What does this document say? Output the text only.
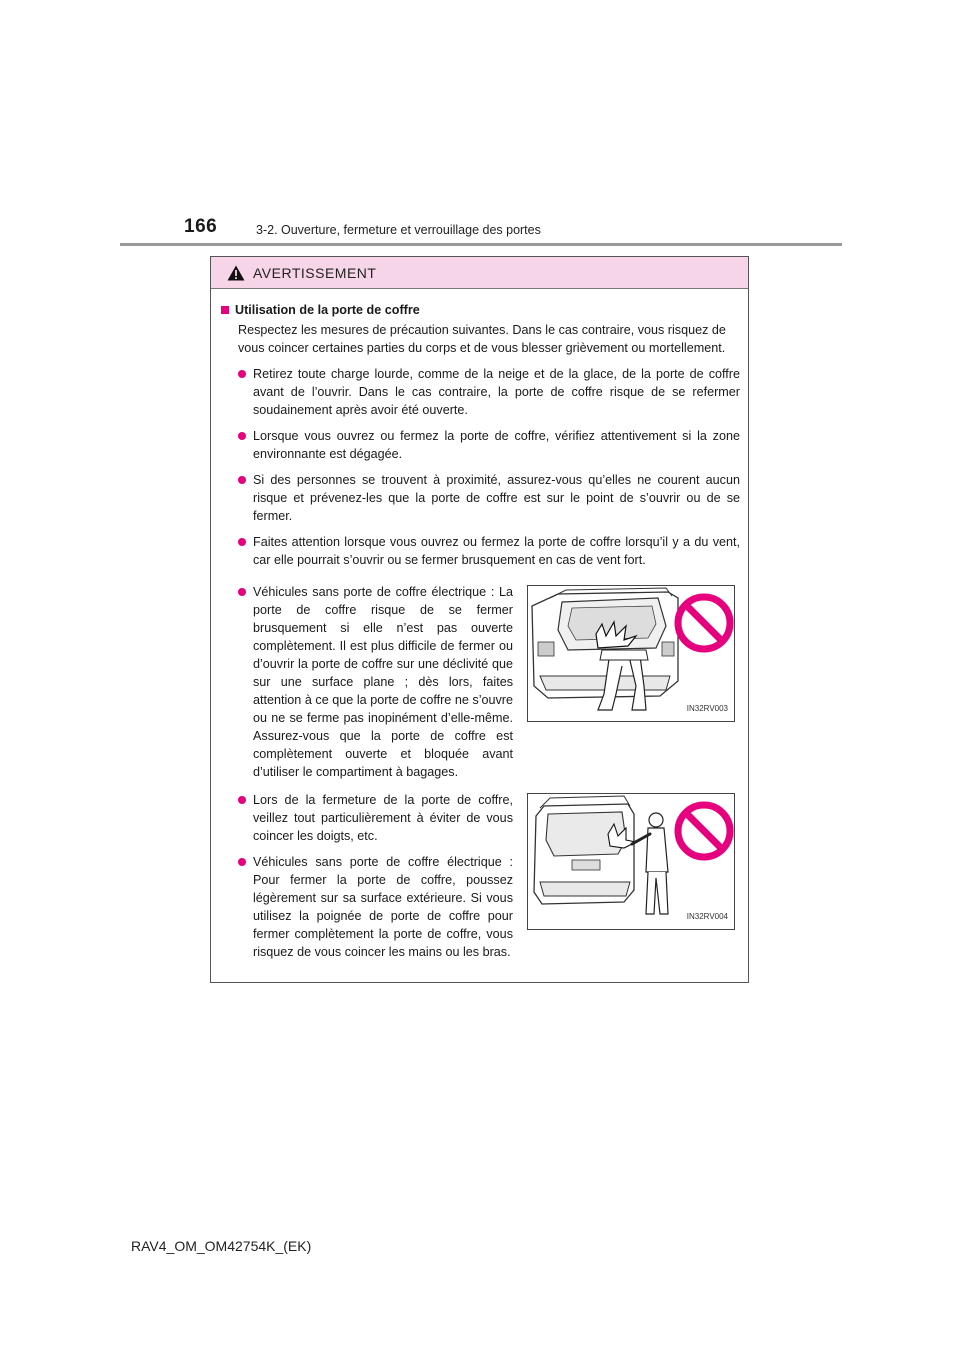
166	3-2. Ouverture, fermeture et verrouillage des portes
AVERTISSEMENT
Utilisation de la porte de coffre
Respectez les mesures de précaution suivantes. Dans le cas contraire, vous risquez de vous coincer certaines parties du corps et de vous blesser grièvement ou mortellement.
Retirez toute charge lourde, comme de la neige et de la glace, de la porte de coffre avant de l’ouvrir. Dans le cas contraire, la porte de coffre risque de se refermer soudainement après avoir été ouverte.
Lorsque vous ouvrez ou fermez la porte de coffre, vérifiez attentivement si la zone environnante est dégagée.
Si des personnes se trouvent à proximité, assurez-vous qu’elles ne courent aucun risque et prévenez-les que la porte de coffre est sur le point de s’ouvrir ou de se fermer.
Faites attention lorsque vous ouvrez ou fermez la porte de coffre lorsqu’il y a du vent, car elle pourrait s’ouvrir ou se fermer brusquement en cas de vent fort.
Véhicules sans porte de coffre électrique : La porte de coffre risque de se fermer brusquement si elle n’est pas ouverte complètement. Il est plus difficile de fermer ou d’ouvrir la porte de coffre sur une déclivité que sur une surface plane ; dès lors, faites attention à ce que la porte de coffre ne s’ouvre ou ne se ferme pas inopinément d’elle-même. Assurez-vous que la porte de coffre est complètement ouverte et bloquée avant d’utiliser le compartiment à bagages.
IN32RV003
Lors de la fermeture de la porte de coffre, veillez tout particulièrement à éviter de vous coincer les doigts, etc.
Véhicules sans porte de coffre électrique : Pour fermer la porte de coffre, poussez légèrement sur sa surface extérieure. Si vous utilisez la poignée de porte de coffre pour fermer complètement la porte de coffre, vous risquez de vous coincer les mains ou les bras.
IN32RV004
RAV4_OM_OM42754K_(EK)
